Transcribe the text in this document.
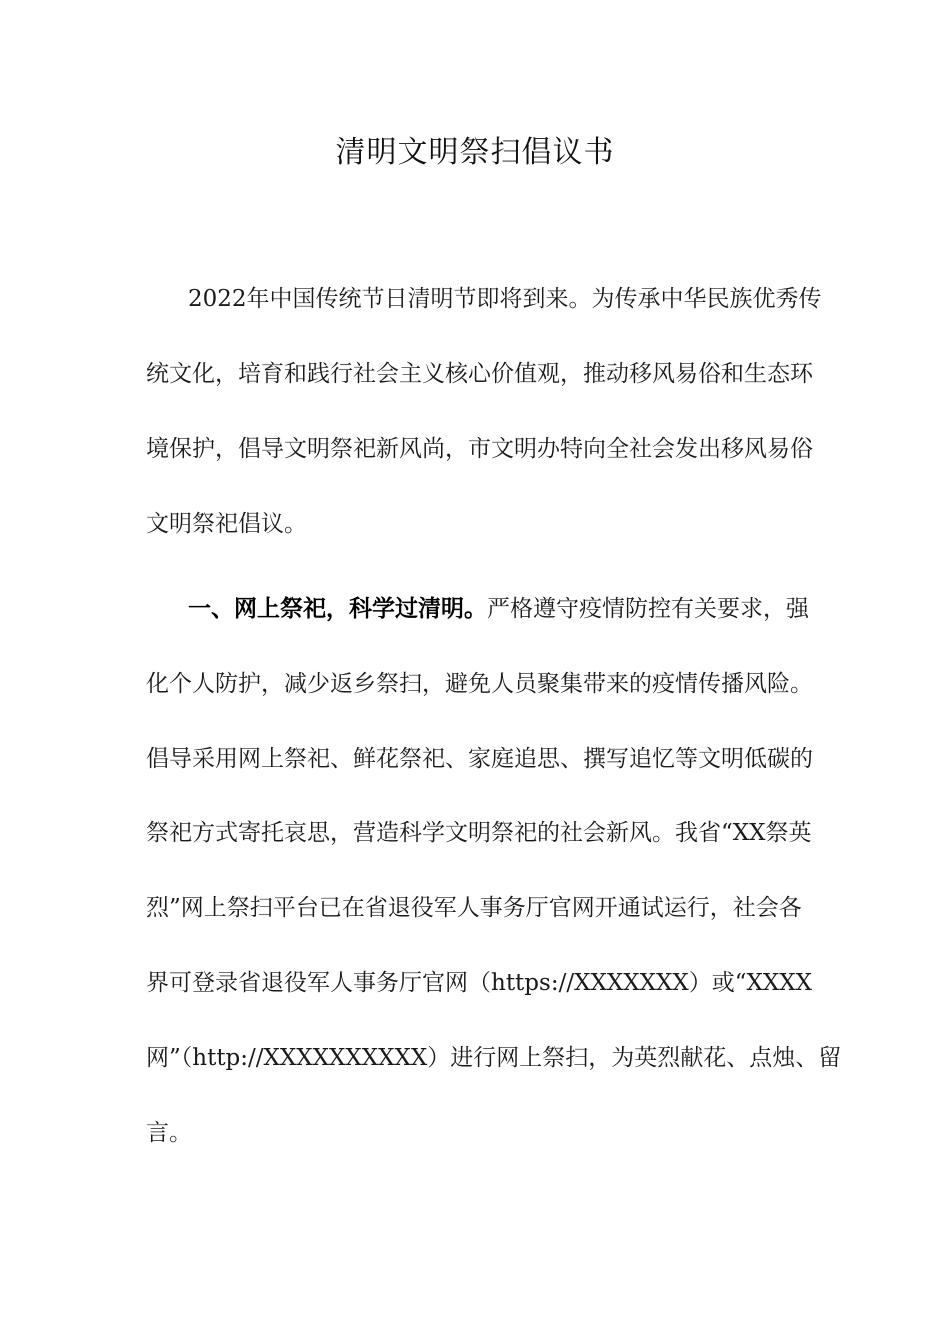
清明文明祭扫倡议书
2022年中国传统节日清明节即将到来。为传承中华民族优秀传
统文化，培育和践行社会主义核心价值观，推动移风易俗和生态环
境保护，倡导文明祭祀新风尚，市文明办特向全社会发出移风易俗
文明祭祀倡议。
一、网上祭祀，科学过清明。严格遵守疫情防控有关要求，强
化个人防护，减少返乡祭扫，避免人员聚集带来的疫情传播风险。
倡导采用网上祭祀、鲜花祭祀、家庭追思、撰写追忆等文明低碳的
祭祀方式寄托哀思，营造科学文明祭祀的社会新风。我省“XX祭英
烈”网上祭扫平台已在省退役军人事务厅官网开通试运行，社会各
界可登录省退役军人事务厅官网（https://XXXXXXX）或“XXXX
网”（http://XXXXXXXXXX）进行网上祭扫，为英烈献花、点烛、留
言。
